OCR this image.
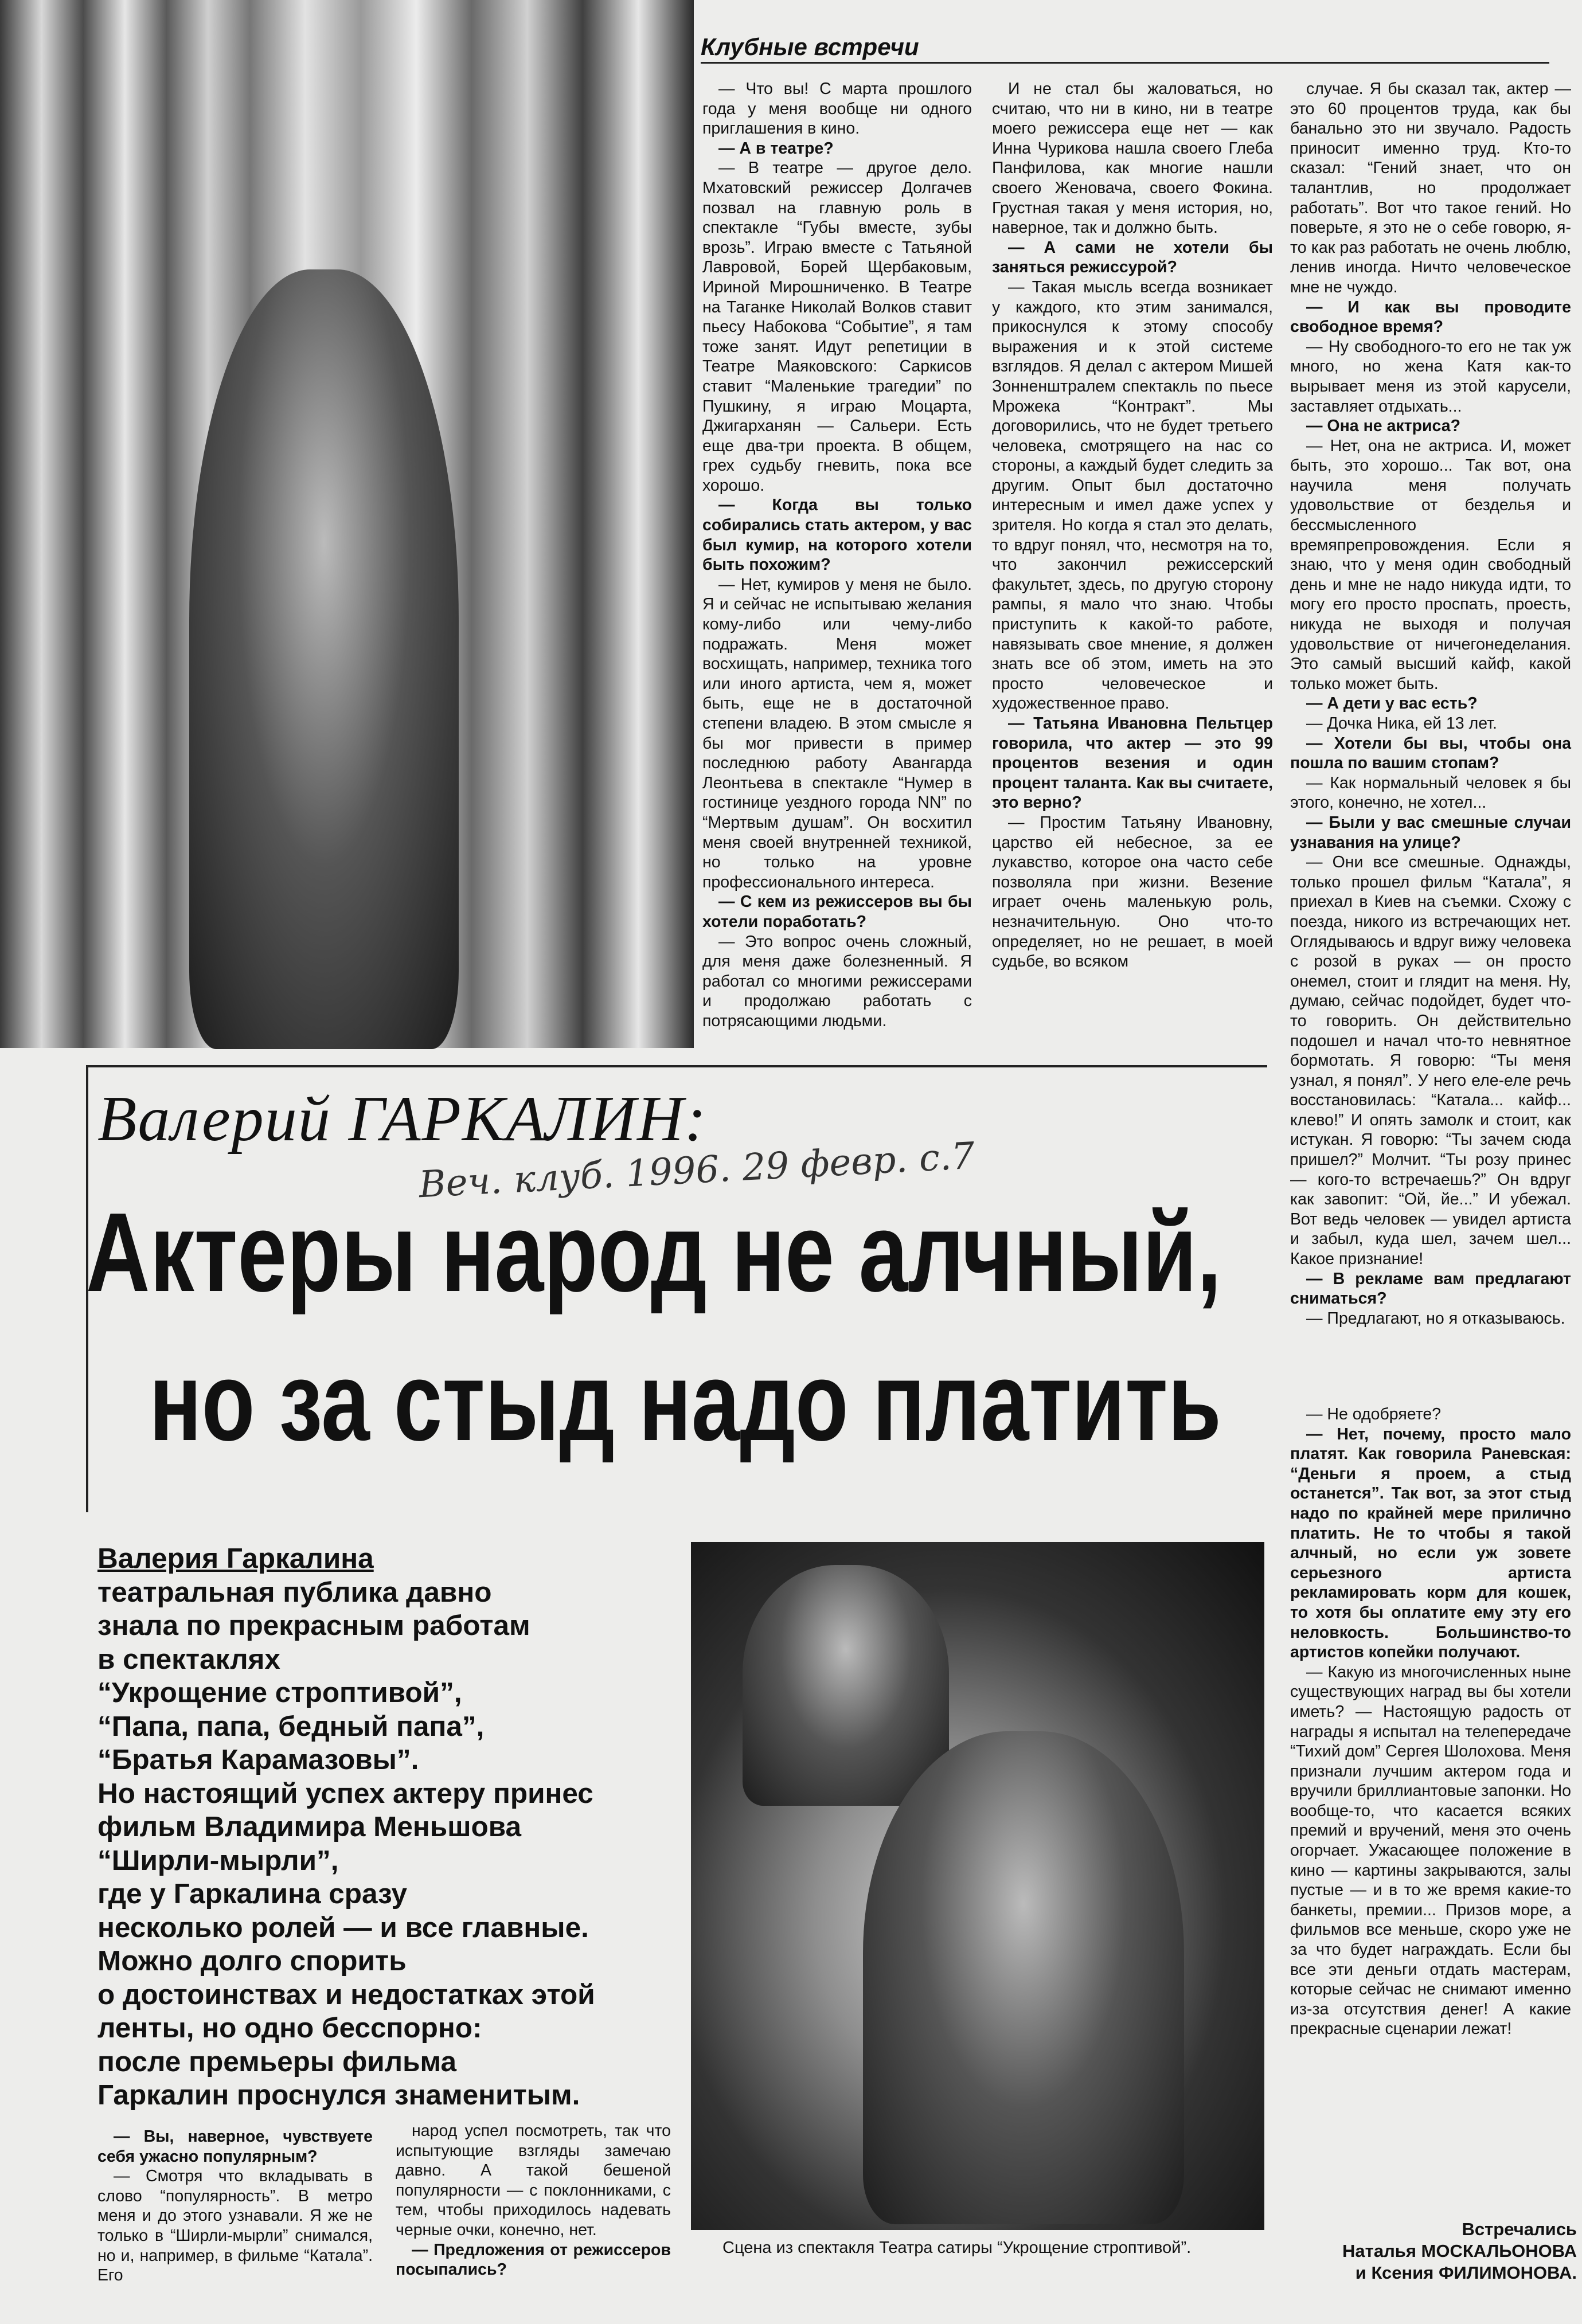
Клубные встречи

— Что вы! С марта прошлого года у меня вообще ни одного приглашения в кино.

— А в театре?

— В театре — другое дело. Мхатовский режиссер Долгачев позвал на главную роль в спектакле “Губы вместе, зубы врозь”. Играю вместе с Татьяной Лавровой, Борей Щербаковым, Ириной Мирошниченко. В Театре на Таганке Николай Волков ставит пьесу Набокова “Событие”, я там тоже занят. Идут репетиции в Театре Маяковского: Саркисов ставит “Маленькие трагедии” по Пушкину, я играю Моцарта, Джигарханян — Сальери. Есть еще два-три проекта. В общем, грех судьбу гневить, пока все хорошо.

— Когда вы только собирались стать актером, у вас был кумир, на которого хотели быть похожим?

— Нет, кумиров у меня не было. Я и сейчас не испытываю желания кому-либо или чему-либо подражать. Меня может восхищать, например, техника того или иного артиста, чем я, может быть, еще не в достаточной степени владею. В этом смысле я бы мог привести в пример последнюю работу Авангарда Леонтьева в спектакле “Нумер в гостинице уездного города NN” по “Мертвым душам”. Он восхитил меня своей внутренней техникой, но только на уровне профессионального интереса.

— С кем из режиссеров вы бы хотели поработать?

— Это вопрос очень сложный, для меня даже болезненный. Я работал со многими режиссерами и продолжаю работать с потрясающими людьми.

И не стал бы жаловаться, но считаю, что ни в кино, ни в театре моего режиссера еще нет — как Инна Чурикова нашла своего Глеба Панфилова, как многие нашли своего Женовача, своего Фокина. Грустная такая у меня история, но, наверное, так и должно быть.

— А сами не хотели бы заняться режиссурой?

— Такая мысль всегда возникает у каждого, кто этим занимался, прикоснулся к этому способу выражения и к этой системе взглядов. Я делал с актером Мишей Зонненштралем спектакль по пьесе Мрожека “Контракт”. Мы договорились, что не будет третьего человека, смотрящего на нас со стороны, а каждый будет следить за другим. Опыт был достаточно интересным и имел даже успех у зрителя. Но когда я стал это делать, то вдруг понял, что, несмотря на то, что закончил режиссерский факультет, здесь, по другую сторону рампы, я мало что знаю. Чтобы приступить к какой-то работе, навязывать свое мнение, я должен знать все об этом, иметь на это просто человеческое и художественное право.

— Татьяна Ивановна Пельтцер говорила, что актер — это 99 процентов везения и один процент таланта. Как вы считаете, это верно?

— Простим Татьяну Ивановну, царство ей небесное, за ее лукавство, которое она часто себе позволяла при жизни. Везение играет очень маленькую роль, незначительную. Оно что-то определяет, но не решает, в моей судьбе, во всяком

случае. Я бы сказал так, актер — это 60 процентов труда, как бы банально это ни звучало. Радость приносит именно труд. Кто-то сказал: “Гений знает, что он талантлив, но продолжает работать”. Вот что такое гений. Но поверьте, я это не о себе говорю, я-то как раз работать не очень люблю, ленив иногда. Ничто человеческое мне не чуждо.

— И как вы проводите свободное время?

— Ну свободного-то его не так уж много, но жена Катя как-то вырывает меня из этой карусели, заставляет отдыхать...

— Она не актриса?

— Нет, она не актриса. И, может быть, это хорошо... Так вот, она научила меня получать удовольствие от безделья и бессмысленного времяпрепровождения. Если я знаю, что у меня один свободный день и мне не надо никуда идти, то могу его просто проспать, проесть, никуда не выходя и получая удовольствие от ничегонеделания. Это самый высший кайф, какой только может быть.

— А дети у вас есть?

— Дочка Ника, ей 13 лет.

— Хотели бы вы, чтобы она пошла по вашим стопам?

— Как нормальный человек я бы этого, конечно, не хотел...

— Были у вас смешные случаи узнавания на улице?

— Они все смешные. Однажды, только прошел фильм “Катала”, я приехал в Киев на съемки. Схожу с поезда, никого из встречающих нет. Оглядываюсь и вдруг вижу человека с розой в руках — он просто онемел, стоит и глядит на меня. Ну, думаю, сейчас подойдет, будет что-то говорить. Он действительно подошел и начал что-то невнятное бормотать. Я говорю: “Ты меня узнал, я понял”. У него еле-еле речь восстановилась: “Катала... кайф... клево!” И опять замолк и стоит, как истукан. Я говорю: “Ты зачем сюда пришел?” Молчит. “Ты розу принес — кого-то встречаешь?” Он вдруг как завопит: “Ой, йе...” И убежал. Вот ведь человек — увидел артиста и забыл, куда шел, зачем шел... Какое признание!

— В рекламе вам предлагают сниматься?

— Предлагают, но я отказываюсь.

— Не одобряете?

— Нет, почему, просто мало платят. Как говорила Раневская: “Деньги я проем, а стыд останется”. Так вот, за этот стыд надо по крайней мере прилично платить. Не то чтобы я такой алчный, но если уж зовете серьезного артиста рекламировать корм для кошек, то хотя бы оплатите ему эту его неловкость. Большинство-то артистов копейки получают.

— Какую из многочисленных ныне существующих наград вы бы хотели иметь? — Настоящую радость от награды я испытал на телепередаче “Тихий дом” Сергея Шолохова. Меня признали лучшим актером года и вручили бриллиантовые запонки. Но вообще-то, что касается всяких премий и вручений, меня это очень огорчает. Ужасающее положение в кино — картины закрываются, залы пустые — и в то же время какие-то банкеты, премии... Призов море, а фильмов все меньше, скоро уже не за что будет награждать. Если бы все эти деньги отдать мастерам, которые сейчас не снимают именно из-за отсутствия денег! А какие прекрасные сценарии лежат!

Валерий ГАРКАЛИН:
Веч. клуб. 1996. 29 февр. с.7
Актеры народ не алчный,
но за стыд надо платить
Валерия Гаркалина
театральная публика давно
знала по прекрасным работам
в спектаклях
“Укрощение строптивой”,
“Папа, папа, бедный папа”,
“Братья Карамазовы”.
Но настоящий успех актеру принес
фильм Владимира Меньшова
“Ширли-мырли”,
где у Гаркалина сразу
несколько ролей — и все главные.
Можно долго спорить
о достоинствах и недостатках этой
ленты, но одно бесспорно:
после премьеры фильма
Гаркалин проснулся знаменитым.
Сцена из спектакля Театра сатиры “Укрощение строптивой”.

— Вы, наверное, чувствуете себя ужасно популярным?

— Смотря что вкладывать в слово “популярность”. В метро меня и до этого узнавали. Я же не только в “Ширли-мырли” снимался, но и, например, в фильме “Катала”. Его

народ успел посмотреть, так что испытующие взгляды замечаю давно. А такой бешеной популярности — с поклонниками, с тем, чтобы приходилось надевать черные очки, конечно, нет.

— Предложения от режиссеров посыпались?

Встречались
Наталья МОСКАЛЬОНОВА
и Ксения ФИЛИМОНОВА.
